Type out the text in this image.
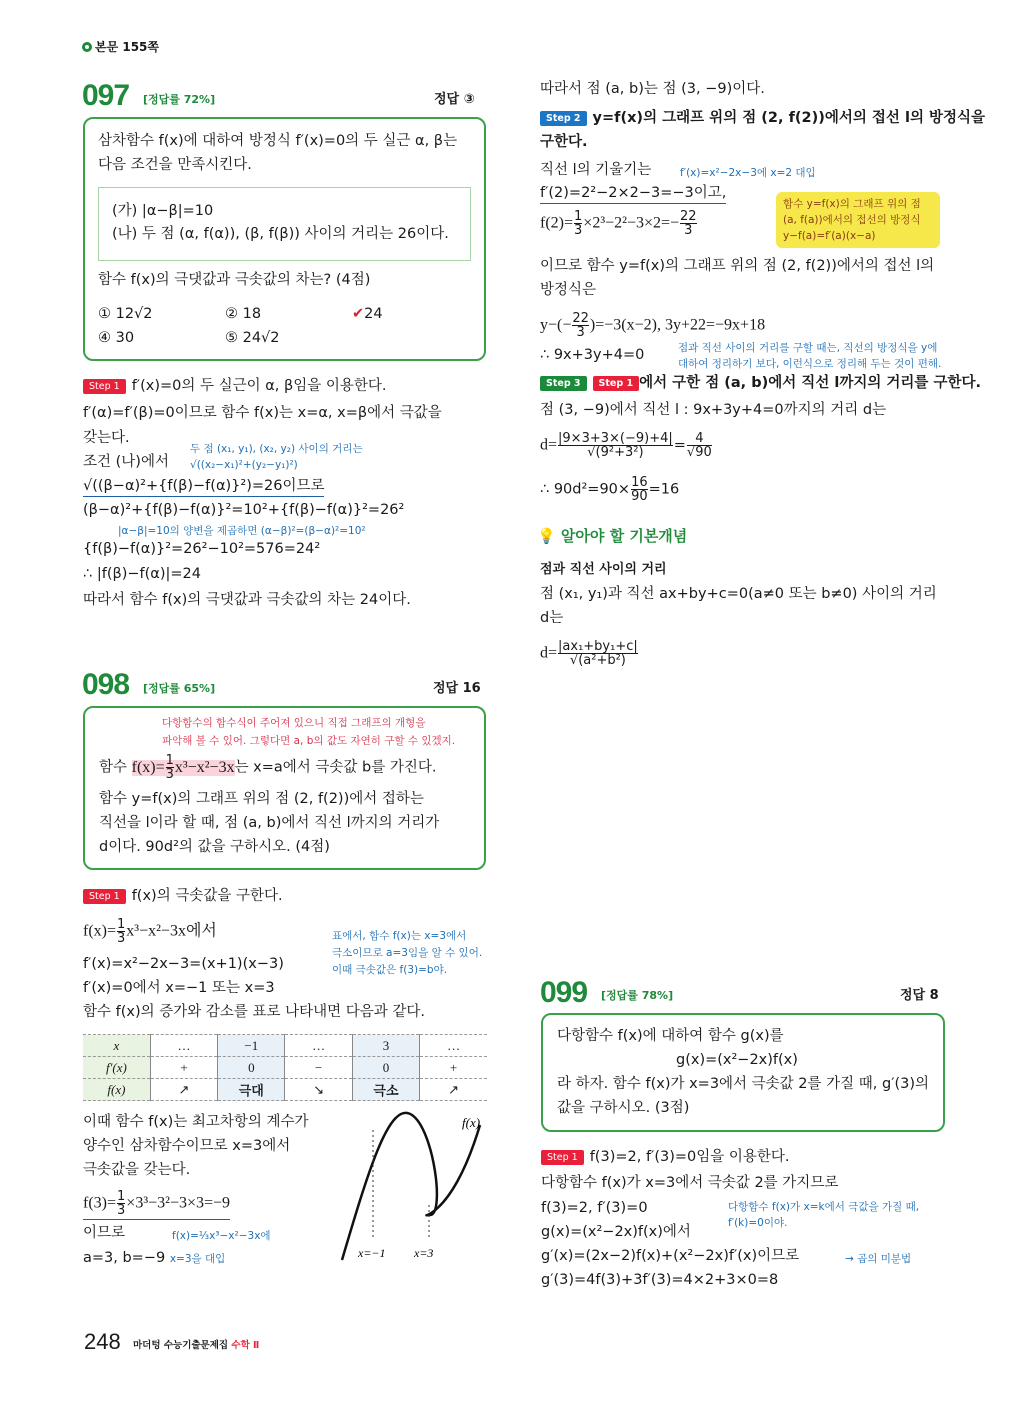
본문 155쪽
097 [정답률 72%]	정답 ③
삼차함수 f(x)에 대하여 방정식 f′(x)=0의 두 실근 α, β는
다음 조건을 만족시킨다.
(가) |α−β|=10
(나) 두 점 (α, f(α)), (β, f(β)) 사이의 거리는 26이다.
함수 f(x)의 극댓값과 극솟값의 차는? (4점)
① 12√2	② 18	✔24
④ 30	⑤ 24√2
Step 1 f′(x)=0의 두 실근이 α, β임을 이용한다.
f′(α)=f′(β)=0이므로 함수 f(x)는 x=α, x=β에서 극값을
갖는다.
조건 (나)에서
두 점 (x₁, y₁), (x₂, y₂) 사이의 거리는
√((x₂−x₁)²+(y₂−y₁)²)
√((β−α)²+{f(β)−f(α)}²)=26이므로
(β−α)²+{f(β)−f(α)}²=10²+{f(β)−f(α)}²=26²
|α−β|=10의 양변을 제곱하면 (α−β)²=(β−α)²=10²
{f(β)−f(α)}²=26²−10²=576=24²
∴ |f(β)−f(α)|=24
따라서 함수 f(x)의 극댓값과 극솟값의 차는 24이다.
098 [정답률 65%]	정답 16
다항함수의 함수식이 주어져 있으니 직접 그래프의 개형을
파악해 볼 수 있어. 그렇다면 a, b의 값도 자연히 구할 수 있겠지.
함수 $f(x)= \frac{1}{3} x^3-x^2-3x$는 x=a에서 극솟값 b를 가진다.
함수 y=f(x)의 그래프 위의 점 (2, f(2))에서 접하는
직선을 l이라 할 때, 점 (a, b)에서 직선 l까지의 거리가
d이다. 90d²의 값을 구하시오. (4점)
Step 1 f(x)의 극솟값을 구한다.
$f(x)= \frac{1}{3} x^3-x^2-3x$에서
f′(x)=x²−2x−3=(x+1)(x−3)
f′(x)=0에서 x=−1 또는 x=3
함수 f(x)의 증가와 감소를 표로 나타내면 다음과 같다.
표에서, 함수 f(x)는 x=3에서
극소이므로 a=3임을 알 수 있어.
이때 극솟값은 f(3)=b야.
x	…	−1	…	3	…
f′(x)	+	0	−	0	+
f(x)	↗	극대	↘	극소	↗
이때 함수 f(x)는 최고차항의 계수가
양수인 삼차함수이므로 x=3에서
극솟값을 갖는다.
$f(3)= \frac{1}{3} \times 3^3-3^2-3\times 3=-9$
이므로	f(x)=⅓x³−x²−3x에
a=3, b=−9 x=3을 대입
f(x)
x=−1 x=3
따라서 점 (a, b)는 점 (3, −9)이다.
Step 2 y=f(x)의 그래프 위의 점 (2, f(2))에서의 접선 l의 방정식을
구한다.
직선 l의 기울기는	f′(x)=x²−2x−3에 x=2 대입
f′(2)=2²−2×2−3=−3이고,
$f(2)= \frac{1}{3} \times 2^3-2^2-3\times 2=- \frac{22}{3}$
함수 y=f(x)의 그래프 위의 점
(a, f(a))에서의 접선의 방정식
y−f(a)=f′(a)(x−a)
이므로 함수 y=f(x)의 그래프 위의 점 (2, f(2))에서의 접선 l의
방정식은
$y-(- \frac{22}{3} )=-3(x-2)$, 3y+22=−9x+18
∴ 9x+3y+4=0	점과 직선 사이의 거리를 구할 때는, 직선의 방정식을 y에
대하여 정리하기 보다, 이런식으로 정리해 두는 것이 편해.
Step 3 Step 1 에서 구한 점 (a, b)에서 직선 l까지의 거리를 구한다.
점 (3, −9)에서 직선 l : 9x+3y+4=0까지의 거리 d는
$d= \frac{|9\times 3+3\times(-9)+4|}{\text{√(9²+3²)}} = \frac{4}{√90}$
∴ $90d^2=90\times \frac{16}{90} =16$
💡 알아야 할 기본개념
점과 직선 사이의 거리
점 (x₁, y₁)과 직선 ax+by+c=0(a≠0 또는 b≠0) 사이의 거리
d는
$d= \frac{\text{|ax₁+by₁+c|}}{\text{√(a²+b²)}}$
099 [정답률 78%]	정답 8
다항함수 f(x)에 대하여 함수 g(x)를
g(x)=(x²−2x)f(x)
라 하자. 함수 f(x)가 x=3에서 극솟값 2를 가질 때, g′(3)의
값을 구하시오. (3점)
Step 1 f(3)=2, f′(3)=0임을 이용한다.
다항함수 f(x)가 x=3에서 극솟값 2를 가지므로
f(3)=2, f′(3)=0	다항함수 f(x)가 x=k에서 극값을 가질 때,
f′(k)=0이야.
g(x)=(x²−2x)f(x)에서
g′(x)=(2x−2)f(x)+(x²−2x)f′(x)이므로	→ 곱의 미분법
g′(3)=4f(3)+3f′(3)=4×2+3×0=8
248 마더텅 수능기출문제집 수학 Ⅱ
